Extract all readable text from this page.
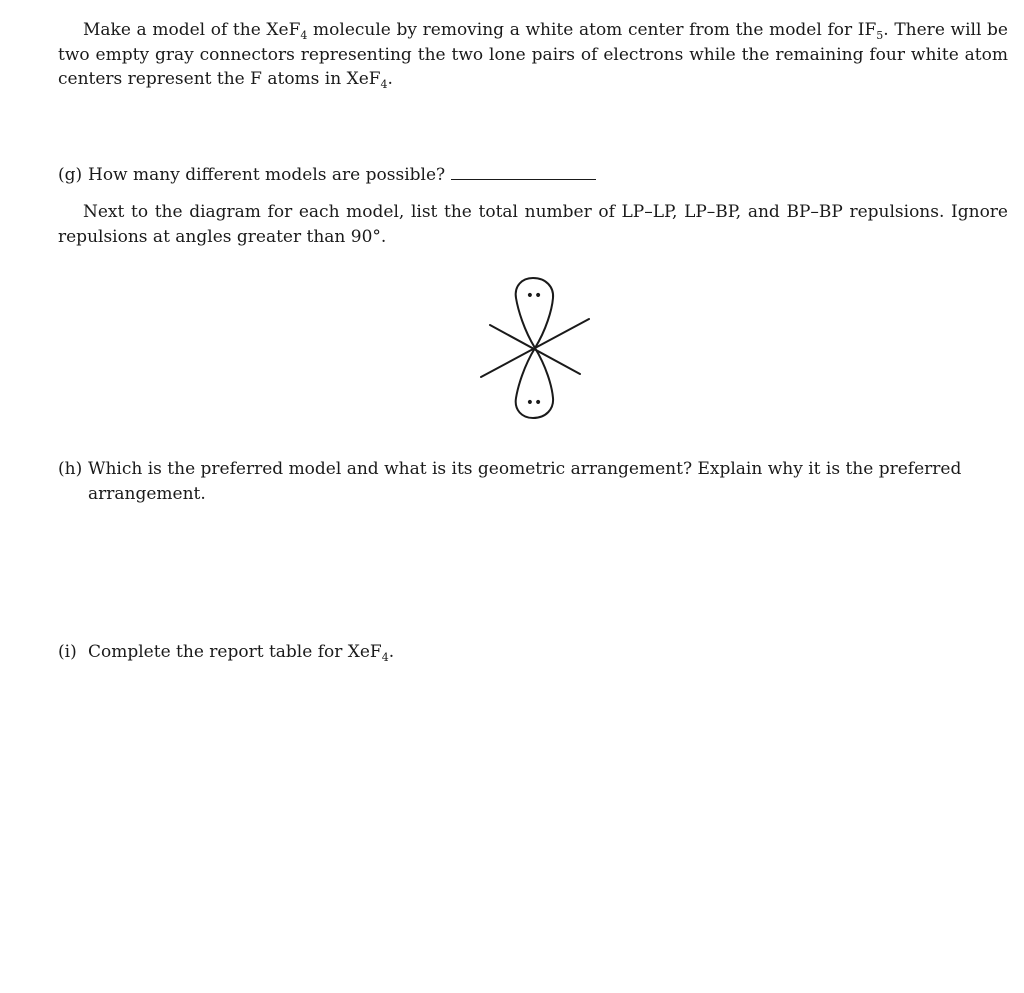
Make a model of the XeF$_4$ molecule by removing a white atom center from the model for $IF_5$. There will be two empty gray connectors representing the two lone pairs of electrons while the remaining four white atom centers represent the F atoms in XeF$_4$.

(g) How many different models are possible?

Next to the diagram for each model, list the total number of LP–LP, LP–BP, and BP–BP repulsions. Ignore repulsions at angles greater than 90°.

••
••
(h) Which is the preferred model and what is its geometric arrangement? Explain why it is the preferred arrangement.

(i) Complete the report table for XeF$_4$.
